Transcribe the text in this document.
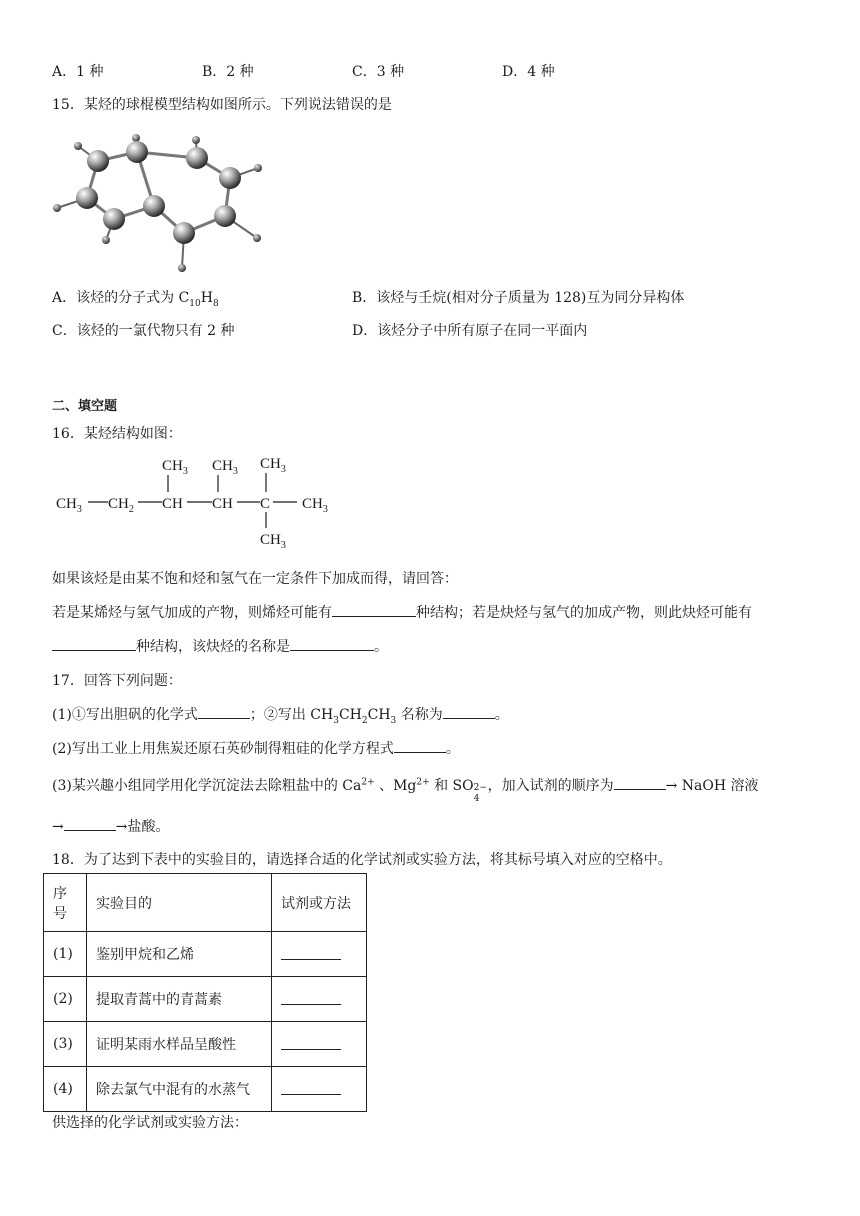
A．1 种	B．2 种	C．3 种	D．4 种
15．某烃的球棍模型结构如图所示。下列说法错误的是
A．该烃的分子式为 $C_{10}H_8$	B．该烃与壬烷(相对分子质量为 128)互为同分异构体
C．该烃的一氯代物只有 2 种	D．该烃分子中所有原子在同一平面内
二、填空题
16．某烃结构如图：
$CH_3$ $CH_2$ CH CH C $CH_3$
$CH_3$ $CH_3$ $CH_3$
$CH_3$
如果该烃是由某不饱和烃和氢气在一定条件下加成而得，请回答：
若是某烯烃与氢气加成的产物，则烯烃可能有	种结构；若是炔烃与氢气的加成产物，则此炔烃可能有
种结构，该炔烃的名称是	。
17．回答下列问题：
(1)①写出胆矾的化学式	；②写出 $CH_3CH_2CH_3$ 名称为	。
(2)写出工业上用焦炭还原石英砂制得粗硅的化学方程式	。
(3)某兴趣小组同学用化学沉淀法去除粗盐中的 $Ca^{2+}$ 、$Mg^{2+}$ 和 SO 2−
4
，加入试剂的顺序为	→ NaOH 溶液
→	→盐酸。
18．为了达到下表中的实验目的，请选择合适的化学试剂或实验方法，将其标号填入对应的空格中。
序号	实验目的	试剂或方法
(1)	鉴别甲烷和乙烯	
(2)	提取青蒿中的青蒿素	
(3)	证明某雨水样品呈酸性	
(4)	除去氯气中混有的水蒸气	
供选择的化学试剂或实验方法：
